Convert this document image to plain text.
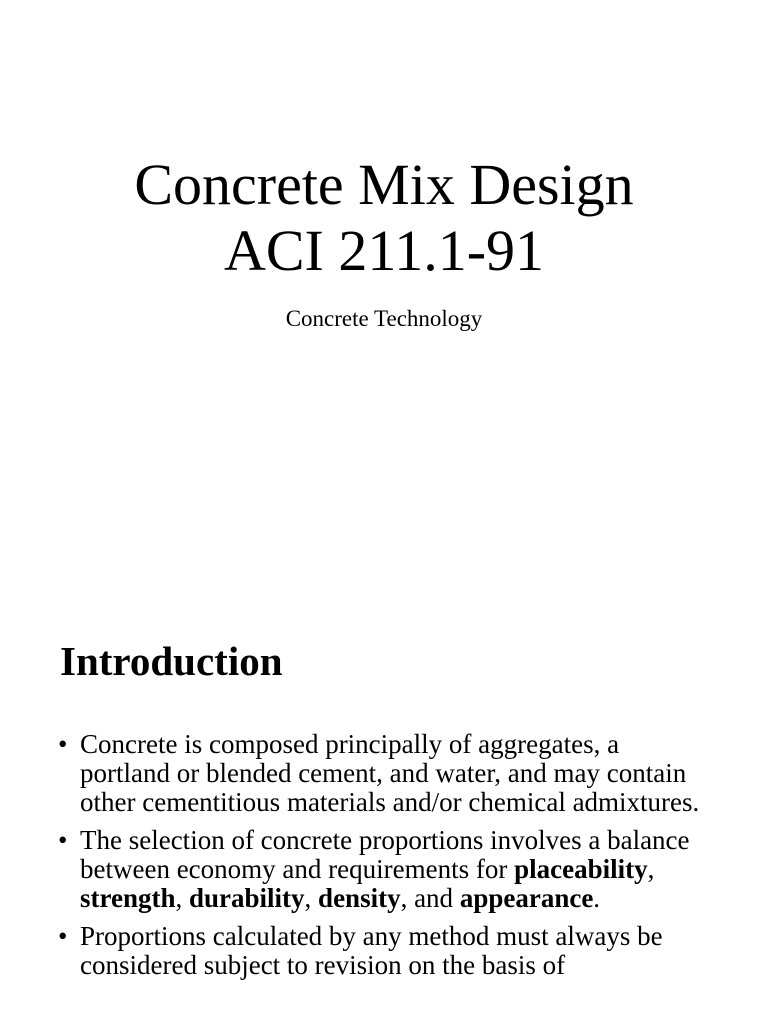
Concrete Mix Design
ACI 211.1-91

Concrete Technology

Introduction
• Concrete is composed principally of aggregates, a portland or blended cement, and water, and may contain other cementitious materials and/or chemical admixtures.
• The selection of concrete proportions involves a balance between economy and requirements for placeability, strength, durability, density, and appearance.
• Proportions calculated by any method must always be considered subject to revision on the basis of
